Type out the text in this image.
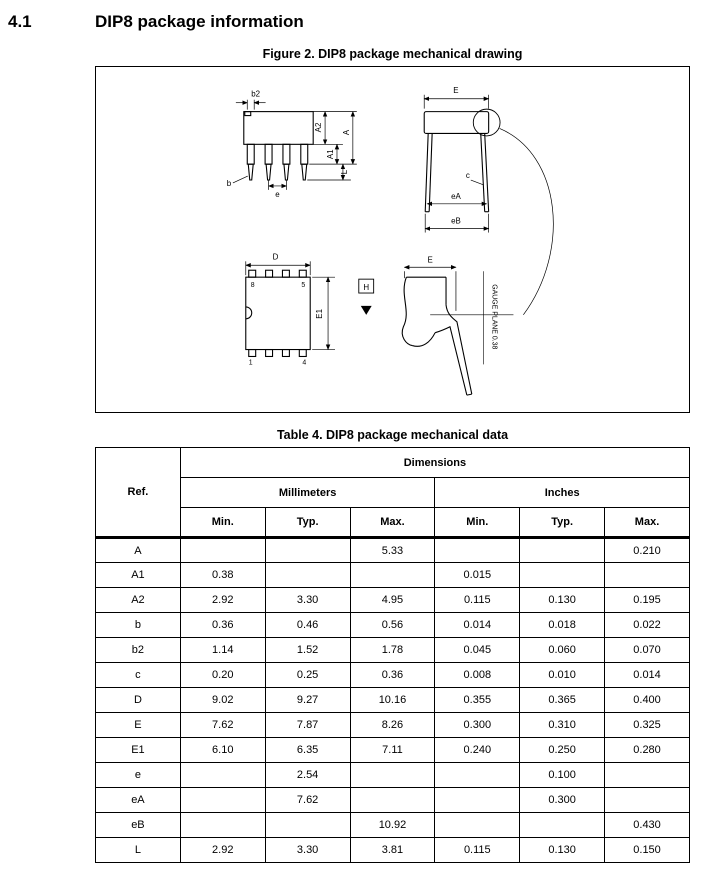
4.1	DIP8 package information
Figure 2. DIP8 package mechanical drawing
b2
A2
A
A1
L
b
e
E
c
eA
eB
D
E1
E
H
8	5
1	4
GAUGE PLANE 0.38
Table 4. DIP8 package mechanical data
Ref.	Dimensions					
	Millimeters			Inches		
	Min.	Typ.	Max.	Min.	Typ.	Max.
A			5.33			0.210
A1	0.38			0.015		
A2	2.92	3.30	4.95	0.115	0.130	0.195
b	0.36	0.46	0.56	0.014	0.018	0.022
b2	1.14	1.52	1.78	0.045	0.060	0.070
c	0.20	0.25	0.36	0.008	0.010	0.014
D	9.02	9.27	10.16	0.355	0.365	0.400
E	7.62	7.87	8.26	0.300	0.310	0.325
E1	6.10	6.35	7.11	0.240	0.250	0.280
e		2.54			0.100	
eA		7.62			0.300	
eB			10.92			0.430
L	2.92	3.30	3.81	0.115	0.130	0.150
